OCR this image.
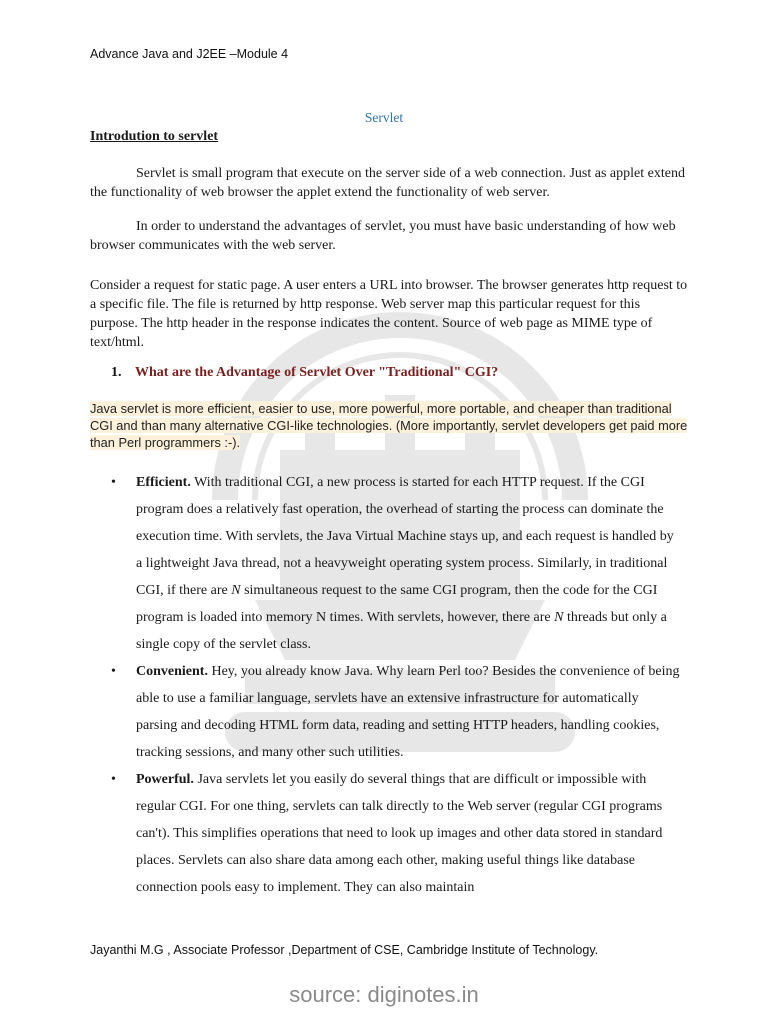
Advance Java and J2EE –Module 4
Servlet
Introdution to servlet

Servlet is small program that execute on the server side of a web connection. Just as applet extend the functionality of web browser the applet extend the functionality of web server.

In order to understand the advantages of servlet, you must have basic understanding of how web browser communicates with the web server.

Consider a request for static page. A user enters a URL into browser. The browser generates http request to a specific file. The file is returned by http response. Web server map this particular request for this purpose. The http header in the response indicates the content. Source of web page as MIME type of text/html.

1. What are the Advantage of Servlet Over "Traditional" CGI?

Java servlet is more efficient, easier to use, more powerful, more portable, and cheaper than traditional CGI and than many alternative CGI-like technologies. (More importantly, servlet developers get paid more than Perl programmers :-).

• Efficient. With traditional CGI, a new process is started for each HTTP request. If the CGI program does a relatively fast operation, the overhead of starting the process can dominate the execution time. With servlets, the Java Virtual Machine stays up, and each request is handled by a lightweight Java thread, not a heavyweight operating system process. Similarly, in traditional CGI, if there are N simultaneous request to the same CGI program, then the code for the CGI program is loaded into memory N times. With servlets, however, there are N threads but only a single copy of the servlet class.
• Convenient. Hey, you already know Java. Why learn Perl too? Besides the convenience of being able to use a familiar language, servlets have an extensive infrastructure for automatically parsing and decoding HTML form data, reading and setting HTTP headers, handling cookies, tracking sessions, and many other such utilities.
• Powerful. Java servlets let you easily do several things that are difficult or impossible with regular CGI. For one thing, servlets can talk directly to the Web server (regular CGI programs can't). This simplifies operations that need to look up images and other data stored in standard places. Servlets can also share data among each other, making useful things like database connection pools easy to implement. They can also maintain
Jayanthi M.G , Associate Professor ,Department of CSE, Cambridge Institute of Technology.
source: diginotes.in
